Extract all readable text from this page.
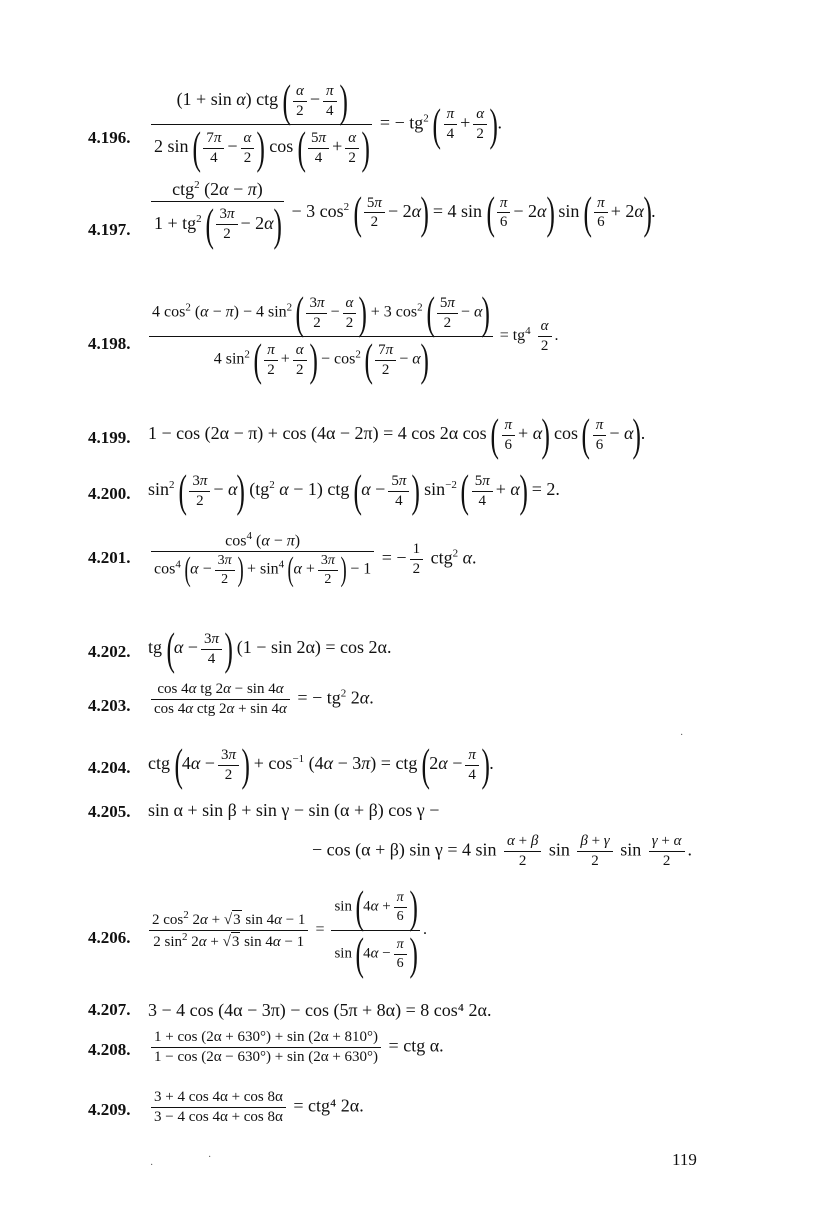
4.196.
4.197.
4.198.
4.199.
4.200.
4.201.
4.202.
4.203.
4.204.
4.205.
4.206.
4.207.
4.208.
4.209.
$\frac{(1 + \sin \alpha) ctg ( \frac{\alpha}{2} - \frac{\pi}{4} )}{2 \sin ( \frac{7\pi}{4} - \frac{\alpha}{2} ) \cos ( \frac{5\pi}{4} + \frac{\alpha}{2} )}$ = − $tg^2$ ( $\frac{\pi}{4} + \frac{\alpha}{2}$ ).
$\frac{ctg^2 (2\alpha - \pi)}{1 + tg^2 ( \frac{3\pi}{2} - 2\alpha)} - 3$ $\cos^2$ ( $\frac{5\pi}{2} - 2\alpha) = 4$ sin ( $\frac{\pi}{6} - 2\alpha$) sin ( $\frac{\pi}{6} + 2\alpha$).
$\frac{4 \cos^2 (\alpha - \pi) - 4 \sin^2 ( \frac{3\pi}{2} - \frac{\alpha}{2} ) + 3 \cos^2 ( \frac{5\pi}{2} - \alpha)}{4 \sin^2 ( \frac{\pi}{2} + \frac{\alpha}{2} ) - \cos^2 ( \frac{7\pi}{2} - \alpha)} = tg^4 \frac{\alpha}{2}$ .
1 − cos (2α − π) + cos (4α − 2π) = 4 cos 2α cos ( $\frac{\pi}{6} + \alpha$) cos ( $\frac{\pi}{6} - \alpha$).
$\sin^2$ ( $\frac{3\pi}{2} - \alpha$) ($tg^2$ α − 1) ctg ($\alpha - \frac{5\pi}{4}$ ) $\sin^{-2}$ ( $\frac{5\pi}{4} + \alpha) = 2$.
$\frac{\cos^4 (\alpha - \pi)}{\cos^4 (\alpha - \frac{3\pi}{2} ) + \sin^4 (\alpha + \frac{3\pi}{2} ) - 1}$ = − $\frac{1}{2} ctg^2$ α.
tg ($\alpha - \frac{3\pi}{4}$ ) (1 − sin 2α) = cos 2α.
$\frac{\text{cos 4α tg 2α − sin 4α}}{\text{cos 4α ctg 2α + sin 4α}}$ = − $tg^2$ 2α.
ctg ($4\alpha - \frac{3\pi}{2}$ ) + $\cos^{-1} (4\alpha - 3\pi)$ = ctg ($2\alpha - \frac{\pi}{4}$ ).
sin α + sin β + sin γ − sin (α + β) cos γ −
− cos (α + β) sin γ = 4 $\sin \frac{\alpha + \beta}{2}$ $\sin \frac{\beta + \gamma}{2}$ $\sin \frac{\gamma + \alpha}{2}$ .
$\frac{2 \cos^2 2\alpha + √3 \sin 4\alpha - 1}{2 \sin^2 2\alpha + √3 \sin 4\alpha - 1} = \frac{\sin (4\alpha + \frac{\pi}{6} )}{\sin (4\alpha - \frac{\pi}{6} )}$ .
3 − 4 cos (4α − 3π) − cos (5π + 8α) = 8 cos⁴ 2α.
$\frac{1 + \cos (2\alpha + 630^\circ) + \sin (2\alpha + 810^\circ)}{1 - \cos (2\alpha - 630^\circ) + \sin (2\alpha + 630^\circ)}$ = ctg α.
$\frac{3 + 4 \cos 4\alpha + \cos 8\alpha}{3 - 4 \cos 4\alpha + \cos 8\alpha} = ctg^4$ 2α.
119
·
·
·
